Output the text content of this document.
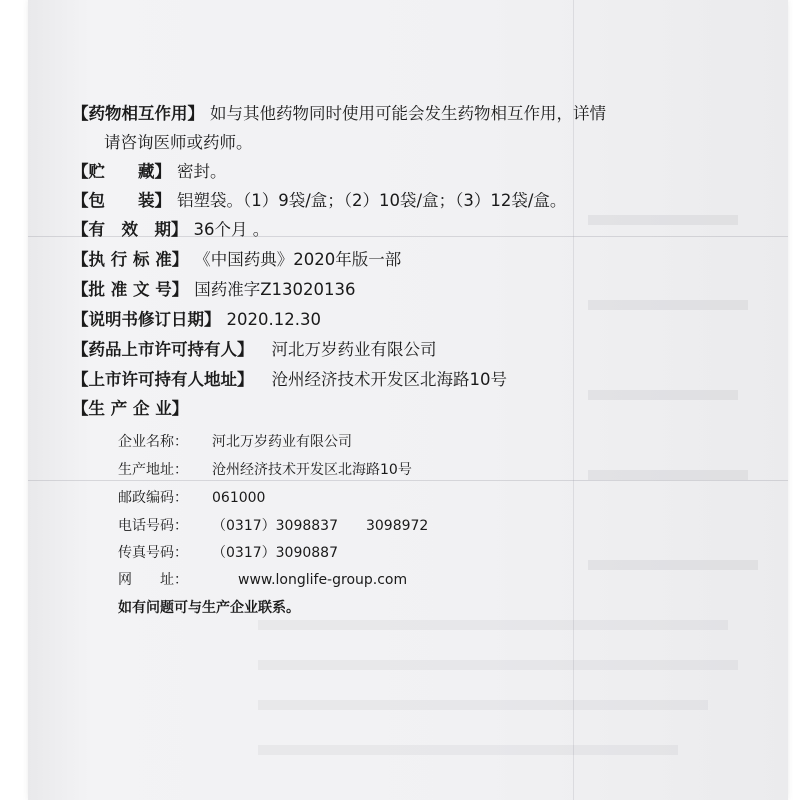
【药物相互作用】 如与其他药物同时使用可能会发生药物相互作用，详情
请咨询医师或药师。
【贮　　藏】 密封。
【包　　装】 铝塑袋。（1）9袋/盒；（2）10袋/盒；（3）12袋/盒。
【有　效　期】 36个月 。
【执 行 标 准】 《中国药典》2020年版一部
【批 准 文 号】 国药准字Z13020136
【说明书修订日期】 2020.12.30
【药品上市许可持有人】 河北万岁药业有限公司
【上市许可持有人地址】 沧州经济技术开发区北海路10号
【生 产 企 业】
企业名称： 河北万岁药业有限公司
生产地址： 沧州经济技术开发区北海路10号
邮政编码： 061000
电话号码： （0317）3098837　　3098972
传真号码： （0317）3090887
网　　址：	www.longlife-group.com
如有问题可与生产企业联系。
